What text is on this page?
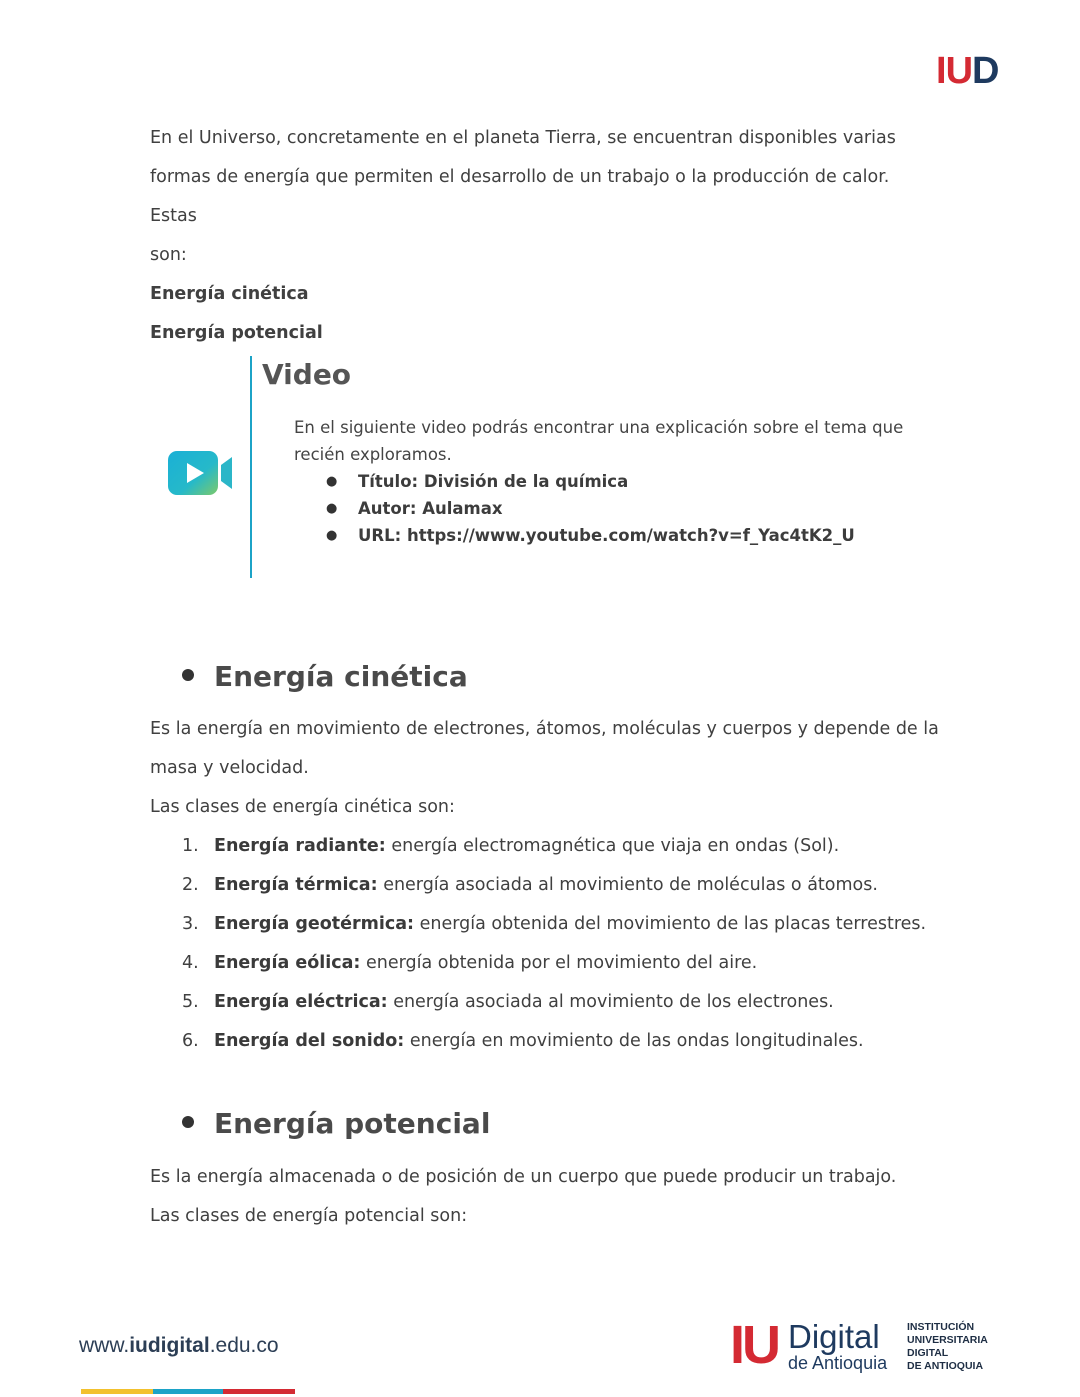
IUD
En el Universo, concretamente en el planeta Tierra, se encuentran disponibles varias
formas de energía que permiten el desarrollo de un trabajo o la producción de calor. Estas
son:
Energía cinética
Energía potencial
Video
En el siguiente video podrás encontrar una explicación sobre el tema que recién exploramos.
● Título: División de la química
● Autor: Aulamax
● URL: https://www.youtube.com/watch?v=f_Yac4tK2_U
Energía cinética
Es la energía en movimiento de electrones, átomos, moléculas y cuerpos y depende de la
masa y velocidad.
Las clases de energía cinética son:
1. Energía radiante: energía electromagnética que viaja en ondas (Sol).
2. Energía térmica: energía asociada al movimiento de moléculas o átomos.
3. Energía geotérmica: energía obtenida del movimiento de las placas terrestres.
4. Energía eólica: energía obtenida por el movimiento del aire.
5. Energía eléctrica: energía asociada al movimiento de los electrones.
6. Energía del sonido: energía en movimiento de las ondas longitudinales.
Energía potencial
Es la energía almacenada o de posición de un cuerpo que puede producir un trabajo.
Las clases de energía potencial son:
www.iudigital.edu.co	IU Digital
de Antioquia
INSTITUCIÓN
UNIVERSITARIA
DIGITAL
DE ANTIOQUIA
